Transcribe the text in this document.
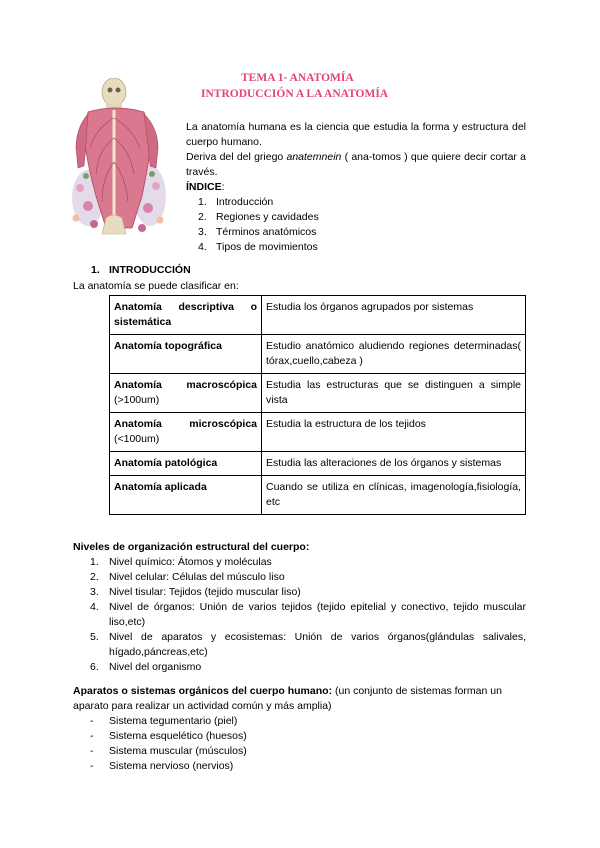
TEMA 1- ANATOMÍA
INTRODUCCIÓN A LA ANATOMÍA

La anatomía humana es la ciencia que estudia la forma y estructura del cuerpo humano.

Deriva del del griego anatemnein ( ana-tomos ) que quiere decir cortar a través.

ÍNDICE:
1. Introducción
2. Regiones y cavidades
3. Términos anatómicos
4. Tipos de movimientos
1. INTRODUCCIÓN
La anatomía se puede clasificar en:
Anatomía descriptiva o sistemática	Estudia los órganos agrupados por sistemas
Anatomía topográfica	Estudio anatómico aludiendo regiones determinadas( tórax,cuello,cabeza )

Anatomía macroscópica
(>100um)	Estudia las estructuras que se distinguen a simple vista

Anatomía microscópica
(<100um)	Estudia la estructura de los tejidos
Anatomía patológica	Estudia las alteraciones de los órganos y sistemas
Anatomía aplicada	Cuando se utiliza en clínicas, imagenología,fisiología, etc
Niveles de organización estructural del cuerpo:
1. Nivel químico: Átomos y moléculas
2. Nivel celular: Células del músculo liso
3. Nivel tisular: Tejidos (tejido muscular liso)
4. Nivel de órganos: Unión de varios tejidos (tejido epitelial y conectivo, tejido muscular liso,etc)
5. Nivel de aparatos y ecosistemas: Unión de varios órganos(glándulas salivales, hígado,páncreas,etc)
6. Nivel del organismo
Aparatos o sistemas orgánicos del cuerpo humano: (un conjunto de sistemas forman un aparato para realizar un actividad común y más amplia)
- Sistema tegumentario (piel)
- Sistema esquelético (huesos)
- Sistema muscular (músculos)
- Sistema nervioso (nervios)
